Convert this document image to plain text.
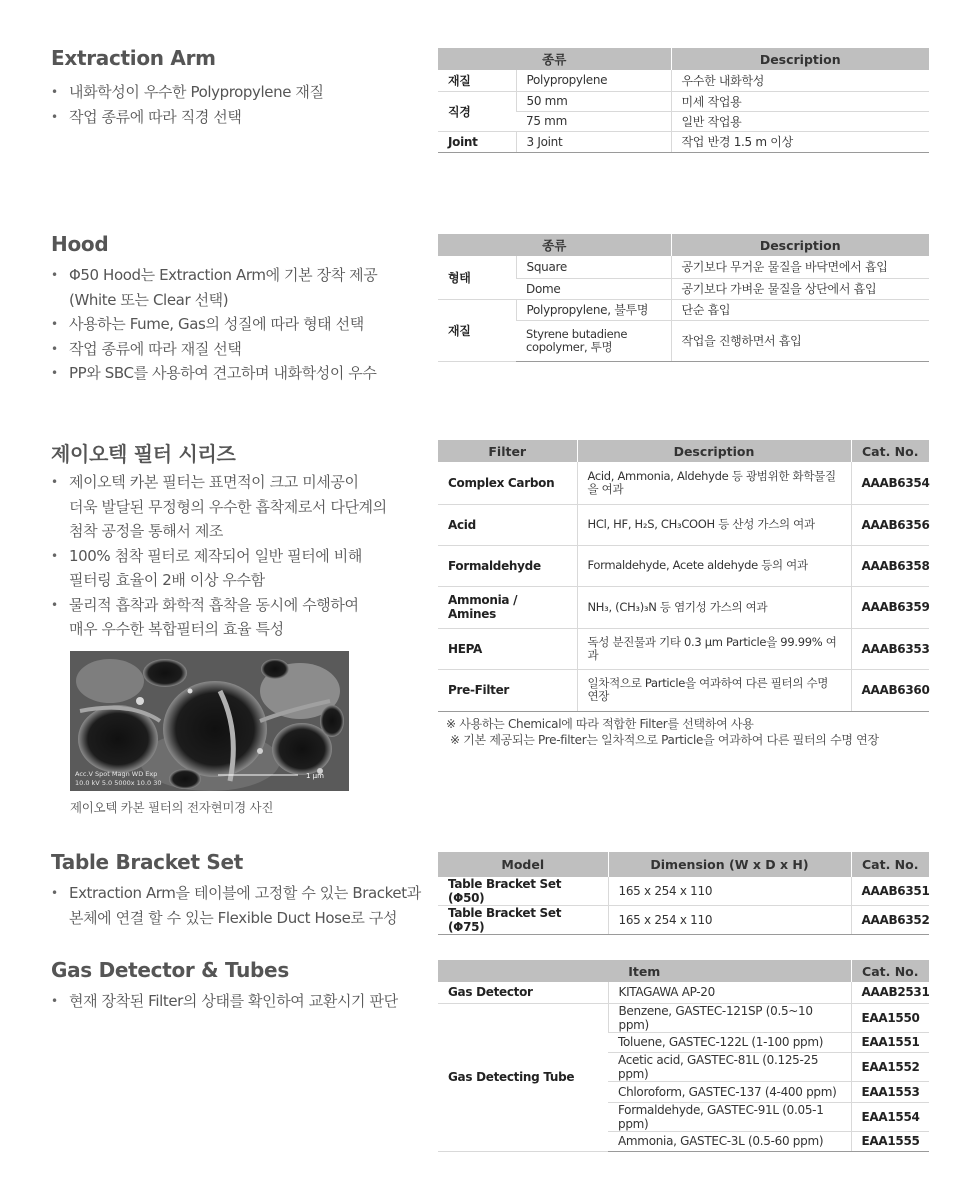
Extraction Arm
• 내화학성이 우수한 Polypropylene 재질
• 작업 종류에 따라 직경 선택
종류		Description
재질	Polypropylene	우수한 내화학성
직경	50 mm	미세 작업용
	75 mm	일반 작업용
Joint	3 Joint	작업 반경 1.5 m 이상
Hood
• Φ50 Hood는 Extraction Arm에 기본 장착 제공
(White 또는 Clear 선택)
• 사용하는 Fume, Gas의 성질에 따라 형태 선택
• 작업 종류에 따라 재질 선택
• PP와 SBC를 사용하여 견고하며 내화학성이 우수
종류		Description
형태	Square	공기보다 무거운 물질을 바닥면에서 흡입
	Dome	공기보다 가벼운 물질을 상단에서 흡입
재질	Polypropylene, 불투명	단순 흡입
	Styrene butadiene copolymer, 투명	작업을 진행하면서 흡입
제이오텍 필터 시리즈
• 제이오텍 카본 필터는 표면적이 크고 미세공이
더욱 발달된 무정형의 우수한 흡착제로서 다단계의
첨착 공정을 통해서 제조
• 100% 첨착 필터로 제작되어 일반 필터에 비해
필터링 효율이 2배 이상 우수함
• 물리적 흡착과 화학적 흡착을 동시에 수행하여
매우 우수한 복합필터의 효율 특성
Acc.V Spot Magn WD Exp
10.0 kV 5.0 5000x 10.0 30
1 μm
제이오텍 카본 필터의 전자현미경 사진
Filter	Description	Cat. No.
Complex Carbon	Acid, Ammonia, Aldehyde 등 광범위한 화학물질을 여과	AAAB6354
Acid	HCl, HF, H₂S, CH₃COOH 등 산성 가스의 여과	AAAB6356
Formaldehyde	Formaldehyde, Acete aldehyde 등의 여과	AAAB6358
Ammonia / Amines	NH₃, (CH₃)₃N 등 염기성 가스의 여과	AAAB6359
HEPA	독성 분진물과 기타 0.3 μm Particle을 99.99% 여과	AAAB6353
Pre-Filter	일차적으로 Particle을 여과하여 다른 필터의 수명 연장	AAAB6360
※ 사용하는 Chemical에 따라 적합한 Filter를 선택하여 사용
※ 기본 제공되는 Pre-filter는 일차적으로 Particle을 여과하여 다른 필터의 수명 연장
Table Bracket Set
• Extraction Arm을 테이블에 고정할 수 있는 Bracket과
본체에 연결 할 수 있는 Flexible Duct Hose로 구성
Model	Dimension (W x D x H)	Cat. No.
Table Bracket Set (Φ50)	165 x 254 x 110	AAAB6351
Table Bracket Set (Φ75)	165 x 254 x 110	AAAB6352
Gas Detector & Tubes
• 현재 장착된 Filter의 상태를 확인하여 교환시기 판단
Item		Cat. No.
Gas Detector	KITAGAWA AP-20	AAAB2531
Gas Detecting Tube	Benzene, GASTEC-121SP (0.5~10 ppm)	EAA1550
	Toluene, GASTEC-122L (1-100 ppm)	EAA1551
	Acetic acid, GASTEC-81L (0.125-25 ppm)	EAA1552
	Chloroform, GASTEC-137 (4-400 ppm)	EAA1553
	Formaldehyde, GASTEC-91L (0.05-1 ppm)	EAA1554
	Ammonia, GASTEC-3L (0.5-60 ppm)	EAA1555
